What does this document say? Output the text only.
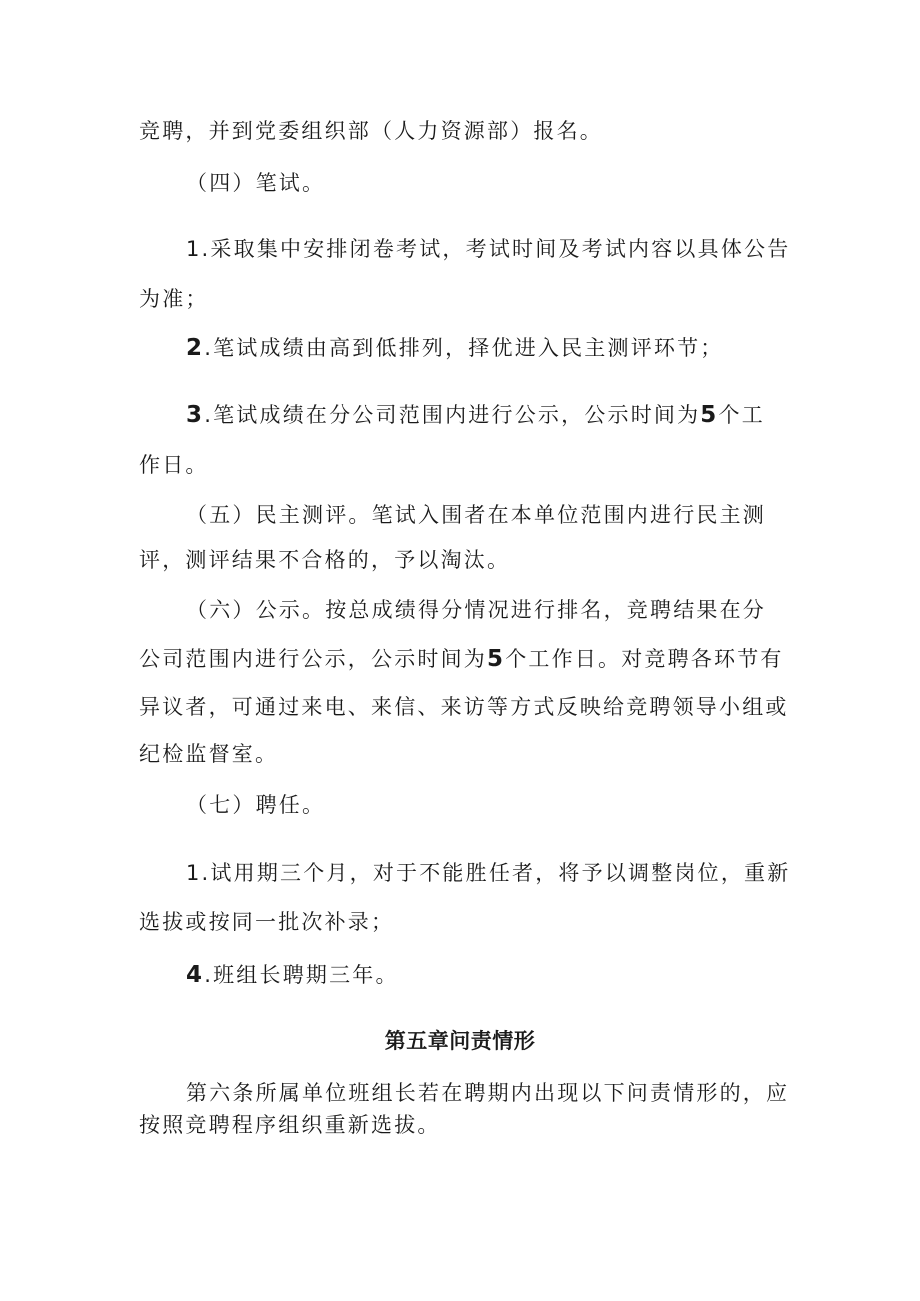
竞聘，并到党委组织部（人力资源部）报名。
（四）笔试。
1.采取集中安排闭卷考试，考试时间及考试内容以具体公告
为准；
2.笔试成绩由高到低排列，择优进入民主测评环节；
3.笔试成绩在分公司范围内进行公示，公示时间为5个工
作日。
（五）民主测评。笔试入围者在本单位范围内进行民主测
评，测评结果不合格的，予以淘汰。
（六）公示。按总成绩得分情况进行排名，竞聘结果在分
公司范围内进行公示，公示时间为5个工作日。对竞聘各环节有
异议者，可通过来电、来信、来访等方式反映给竞聘领导小组或
纪检监督室。
（七）聘任。
1.试用期三个月，对于不能胜任者，将予以调整岗位，重新
选拔或按同一批次补录；
4.班组长聘期三年。
第五章问责情形
第六条所属单位班组长若在聘期内出现以下问责情形的，应
按照竞聘程序组织重新选拔。
